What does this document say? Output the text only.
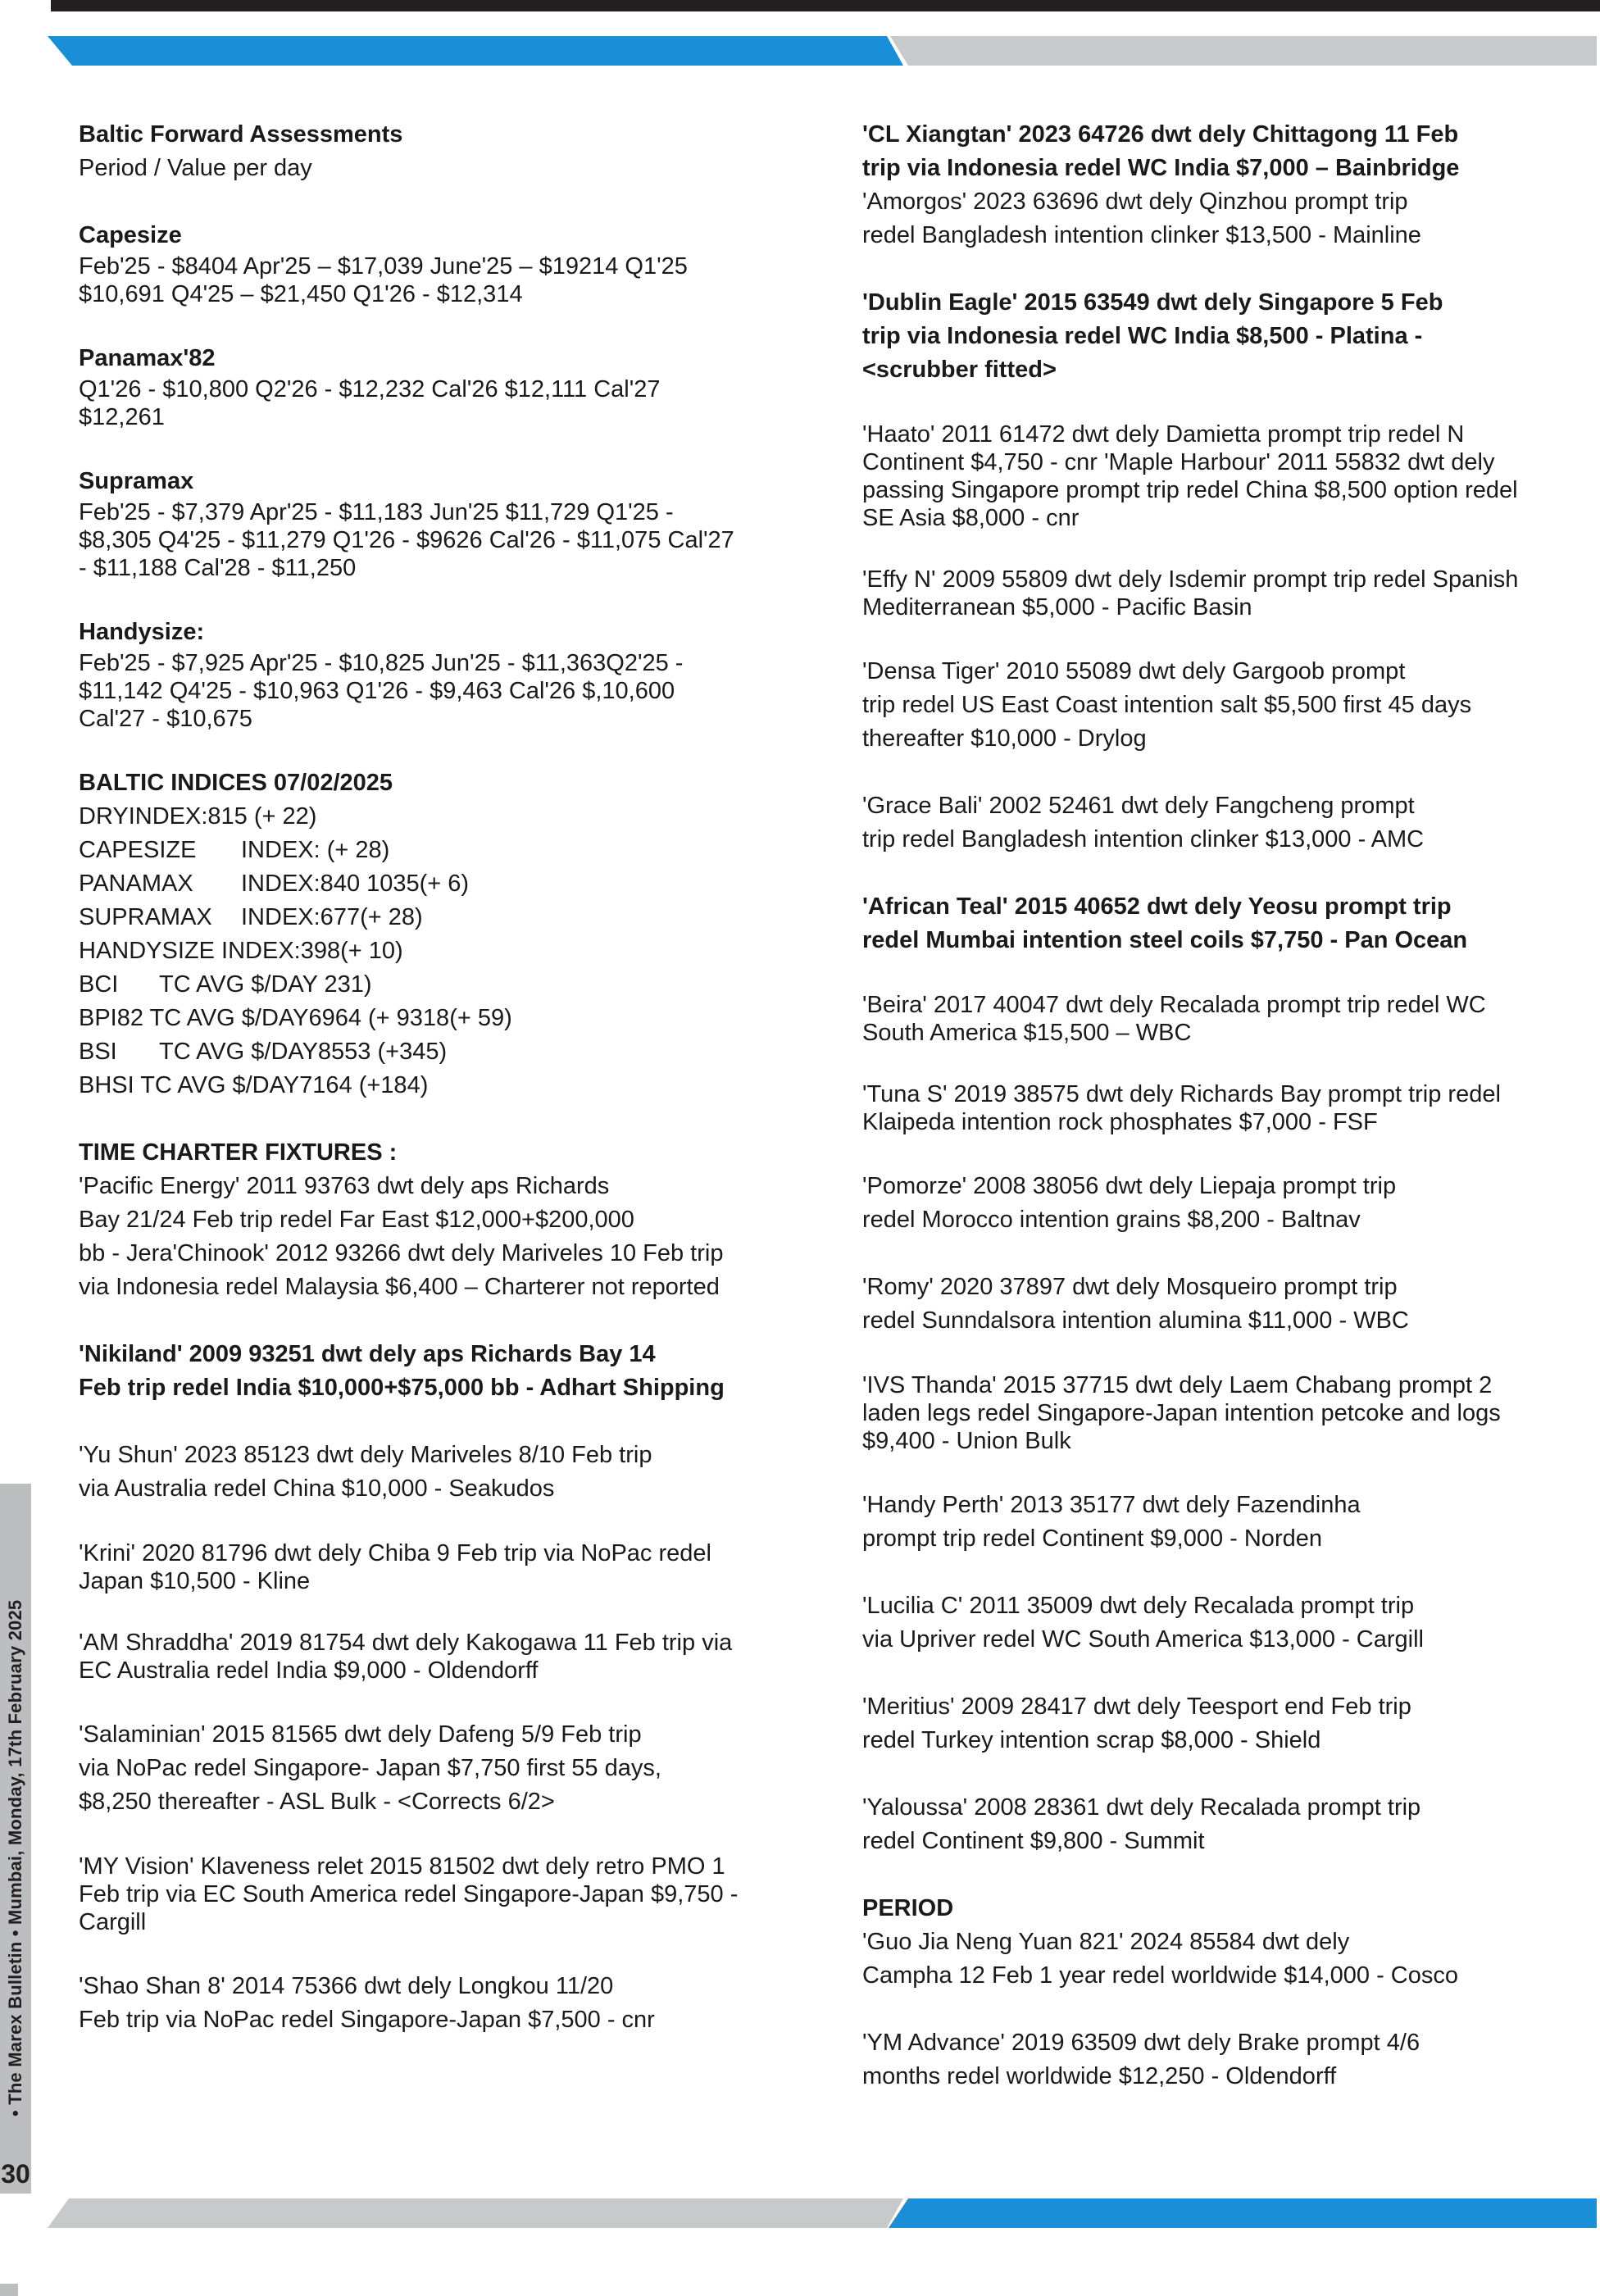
• The Marex Bulletin • Mumbai, Monday, 17th February 2025
30
Baltic Forward Assessments
Period / Value per day
Capesize
Feb'25 - $8404 Apr'25 – $17,039 June'25 – $19214 Q1'25
$10,691 Q4'25 – $21,450 Q1'26 - $12,314
Panamax'82
Q1'26 - $10,800 Q2'26 - $12,232 Cal'26 $12,111 Cal'27
$12,261
Supramax
Feb'25 - $7,379 Apr'25 - $11,183 Jun'25 $11,729 Q1'25 -
$8,305 Q4'25 - $11,279 Q1'26 - $9626 Cal'26 - $11,075 Cal'27
- $11,188 Cal'28 - $11,250
Handysize:
Feb'25 - $7,925 Apr'25 - $10,825 Jun'25 - $11,363Q2'25 -
$11,142 Q4'25 - $10,963 Q1'26 - $9,463 Cal'26 $,10,600
Cal'27 - $10,675
BALTIC INDICES 07/02/2025
DRYINDEX:815 (+ 22)
CAPESIZE INDEX: (+ 28)
PANAMAX INDEX:840 1035(+ 6)
SUPRAMAX INDEX:677(+ 28)
HANDYSIZE INDEX:398(+ 10)
BCI TC AVG $/DAY 231)
BPI82 TC AVG $/DAY6964 (+ 9318(+ 59)
BSI TC AVG $/DAY8553 (+345)
BHSI TC AVG $/DAY7164 (+184)
TIME CHARTER FIXTURES :
'Pacific Energy' 2011 93763 dwt dely aps Richards
Bay 21/24 Feb trip redel Far East $12,000+$200,000
bb - Jera'Chinook' 2012 93266 dwt dely Mariveles 10 Feb trip
via Indonesia redel Malaysia $6,400 – Charterer not reported
'Nikiland' 2009 93251 dwt dely aps Richards Bay 14
Feb trip redel India $10,000+$75,000 bb - Adhart Shipping
'Yu Shun' 2023 85123 dwt dely Mariveles 8/10 Feb trip
via Australia redel China $10,000 - Seakudos
'Krini' 2020 81796 dwt dely Chiba 9 Feb trip via NoPac redel
Japan $10,500 - Kline
'AM Shraddha' 2019 81754 dwt dely Kakogawa 11 Feb trip via
EC Australia redel India $9,000 - Oldendorff
'Salaminian' 2015 81565 dwt dely Dafeng 5/9 Feb trip
via NoPac redel Singapore- Japan $7,750 first 55 days,
$8,250 thereafter - ASL Bulk - <Corrects 6/2>
'MY Vision' Klaveness relet 2015 81502 dwt dely retro PMO 1
Feb trip via EC South America redel Singapore-Japan $9,750 -
Cargill
'Shao Shan 8' 2014 75366 dwt dely Longkou 11/20
Feb trip via NoPac redel Singapore-Japan $7,500 - cnr
'CL Xiangtan' 2023 64726 dwt dely Chittagong 11 Feb
trip via Indonesia redel WC India $7,000 – Bainbridge
'Amorgos' 2023 63696 dwt dely Qinzhou prompt trip
redel Bangladesh intention clinker $13,500 - Mainline
'Dublin Eagle' 2015 63549 dwt dely Singapore 5 Feb
trip via Indonesia redel WC India $8,500 - Platina -
<scrubber fitted>
'Haato' 2011 61472 dwt dely Damietta prompt trip redel N
Continent $4,750 - cnr 'Maple Harbour' 2011 55832 dwt dely
passing Singapore prompt trip redel China $8,500 option redel
SE Asia $8,000 - cnr
'Effy N' 2009 55809 dwt dely Isdemir prompt trip redel Spanish
Mediterranean $5,000 - Pacific Basin
'Densa Tiger' 2010 55089 dwt dely Gargoob prompt
trip redel US East Coast intention salt $5,500 first 45 days
thereafter $10,000 - Drylog
'Grace Bali' 2002 52461 dwt dely Fangcheng prompt
trip redel Bangladesh intention clinker $13,000 - AMC
'African Teal' 2015 40652 dwt dely Yeosu prompt trip
redel Mumbai intention steel coils $7,750 - Pan Ocean
'Beira' 2017 40047 dwt dely Recalada prompt trip redel WC
South America $15,500 – WBC
'Tuna S' 2019 38575 dwt dely Richards Bay prompt trip redel
Klaipeda intention rock phosphates $7,000 - FSF
'Pomorze' 2008 38056 dwt dely Liepaja prompt trip
redel Morocco intention grains $8,200 - Baltnav
'Romy' 2020 37897 dwt dely Mosqueiro prompt trip
redel Sunndalsora intention alumina $11,000 - WBC
'IVS Thanda' 2015 37715 dwt dely Laem Chabang prompt 2
laden legs redel Singapore-Japan intention petcoke and logs
$9,400 - Union Bulk
'Handy Perth' 2013 35177 dwt dely Fazendinha
prompt trip redel Continent $9,000 - Norden
'Lucilia C' 2011 35009 dwt dely Recalada prompt trip
via Upriver redel WC South America $13,000 - Cargill
'Meritius' 2009 28417 dwt dely Teesport end Feb trip
redel Turkey intention scrap $8,000 - Shield
'Yaloussa' 2008 28361 dwt dely Recalada prompt trip
redel Continent $9,800 - Summit
PERIOD
'Guo Jia Neng Yuan 821' 2024 85584 dwt dely
Campha 12 Feb 1 year redel worldwide $14,000 - Cosco
'YM Advance' 2019 63509 dwt dely Brake prompt 4/6
months redel worldwide $12,250 - Oldendorff
